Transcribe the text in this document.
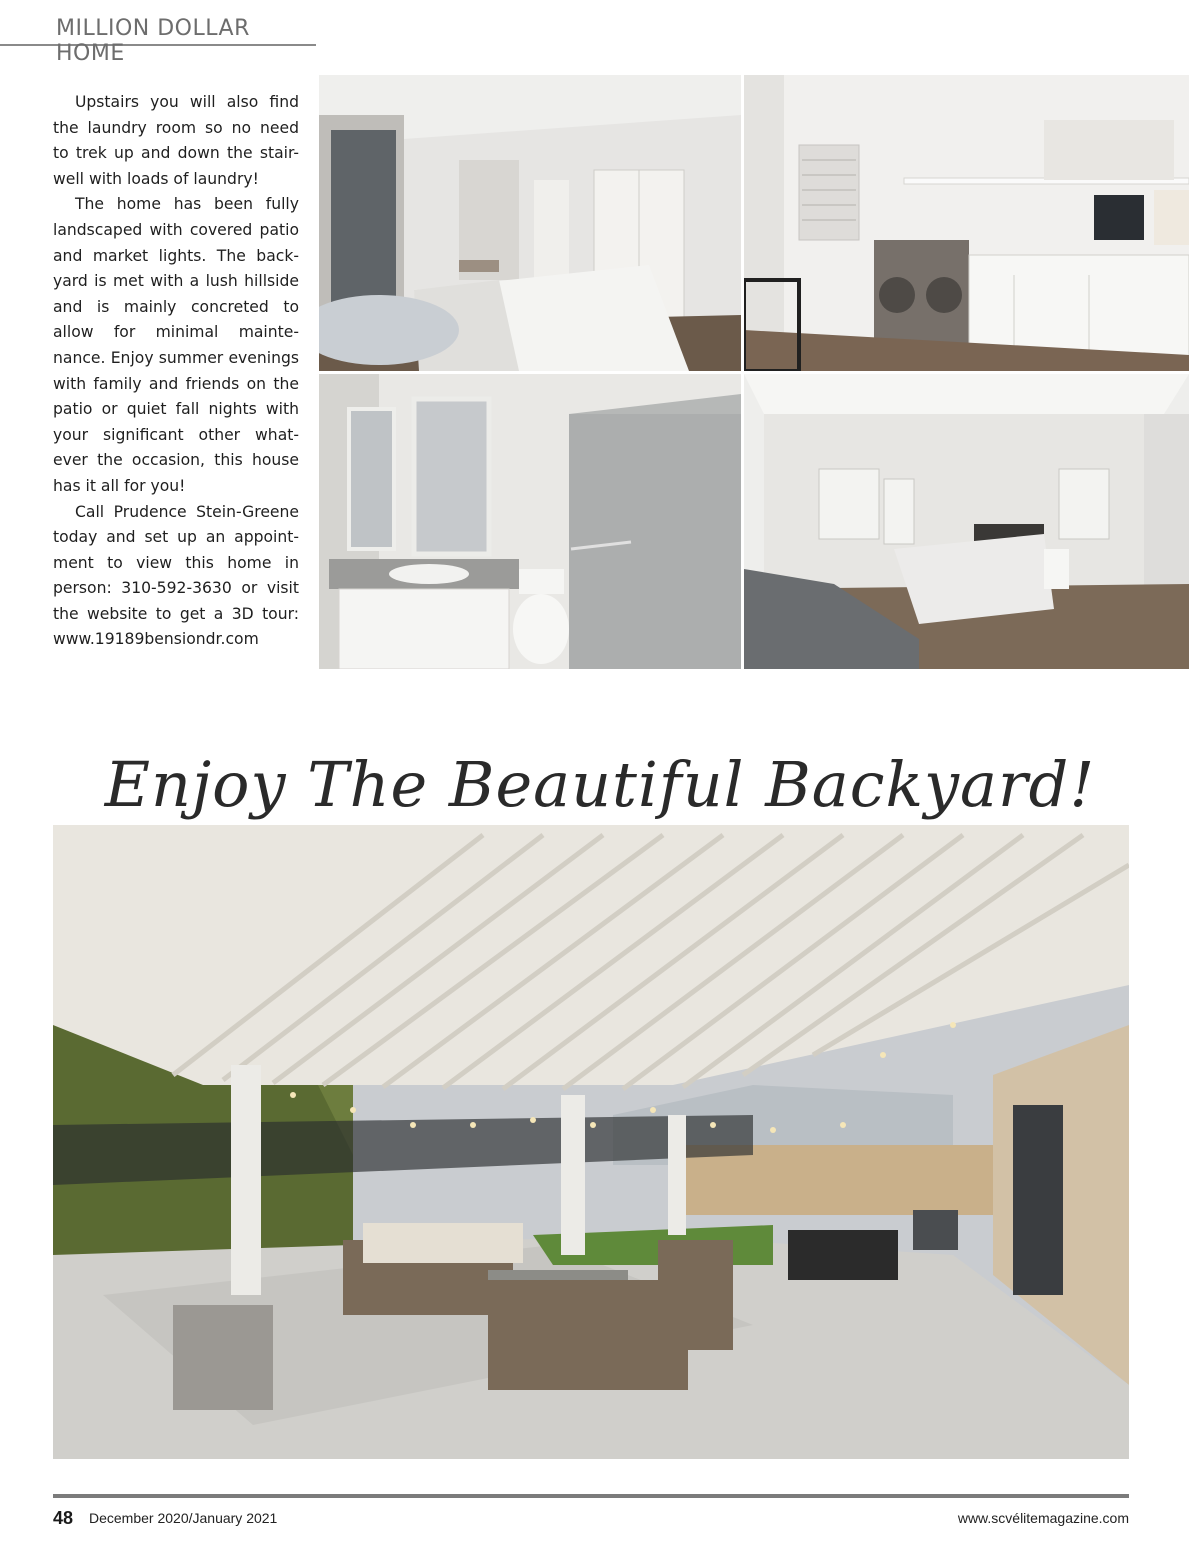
MILLION DOLLAR HOME

Upstairs you will also find the laundry room so no need to trek up and down the stair-well with loads of laundry!

The home has been fully landscaped with covered patio and market lights. The back-yard is met with a lush hillside and is mainly concreted to allow for minimal mainte-nance. Enjoy summer evenings with family and friends on the patio or quiet fall nights with your significant other what-ever the occasion, this house has it all for you!

Call Prudence Stein-Greene today and set up an appoint-ment to view this home in person: 310-592-3630 or visit the website to get a 3D tour: www.19189bensiondr.com

Enjoy The Beautiful Backyard!
48 December 2020/January 2021	www.scvélitemagazine.com
